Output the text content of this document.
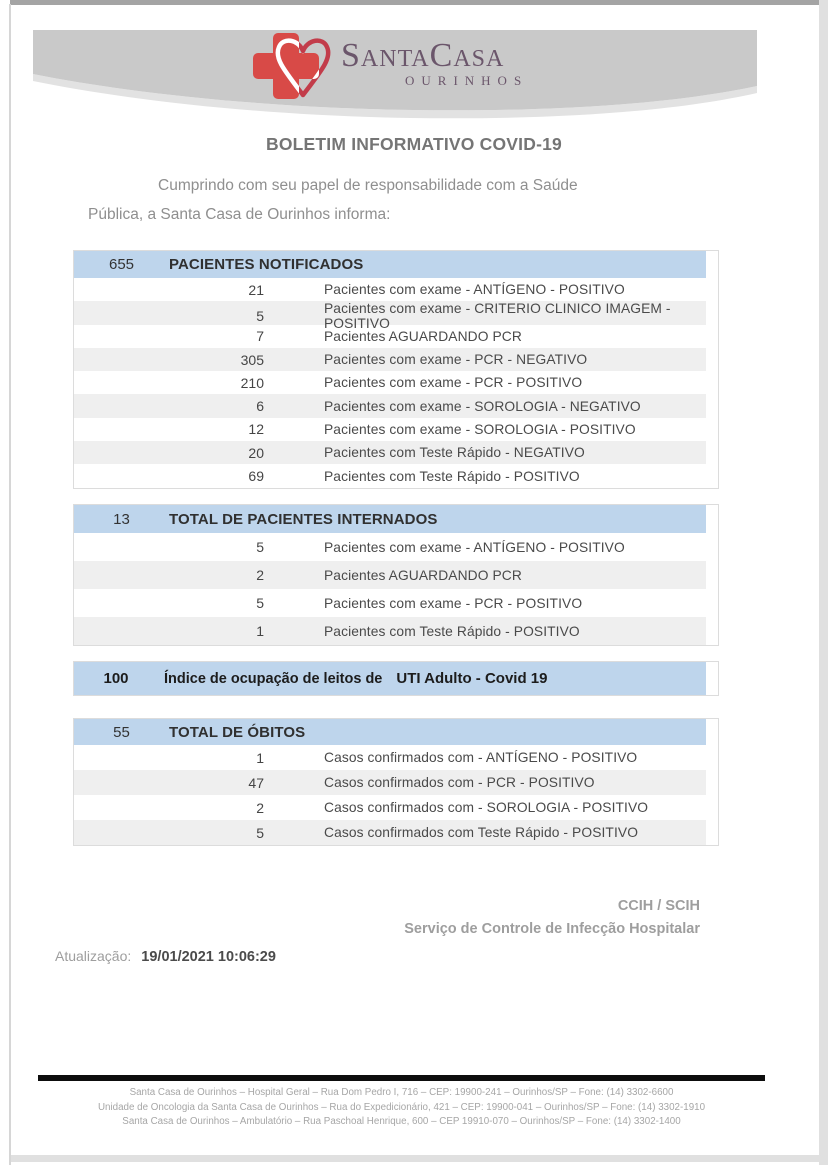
SantaCasa
OURINHOS
BOLETIM INFORMATIVO COVID-19
Cumprindo com seu papel de responsabilidade com a Saúde
Pública, a Santa Casa de Ourinhos informa:
655	PACIENTES NOTIFICADOS
21	Pacientes com exame - ANTÍGENO - POSITIVO
5	Pacientes com exame - CRITERIO CLINICO IMAGEM - POSITIVO
7	Pacientes AGUARDANDO PCR
305	Pacientes com exame - PCR - NEGATIVO
210	Pacientes com exame - PCR - POSITIVO
6	Pacientes com exame - SOROLOGIA - NEGATIVO
12	Pacientes com exame - SOROLOGIA - POSITIVO
20	Pacientes com Teste Rápido - NEGATIVO
69	Pacientes com Teste Rápido - POSITIVO
13	TOTAL DE PACIENTES INTERNADOS
5	Pacientes com exame - ANTÍGENO - POSITIVO
2	Pacientes AGUARDANDO PCR
5	Pacientes com exame - PCR - POSITIVO
1	Pacientes com Teste Rápido - POSITIVO
100	Índice de ocupação de leitos de UTI Adulto - Covid 19
55	TOTAL DE ÓBITOS
1	Casos confirmados com - ANTÍGENO - POSITIVO
47	Casos confirmados com - PCR - POSITIVO
2	Casos confirmados com - SOROLOGIA - POSITIVO
5	Casos confirmados com Teste Rápido - POSITIVO
CCIH / SCIH
Serviço de Controle de Infecção Hospitalar
Atualização: 19/01/2021 10:06:29
Santa Casa de Ourinhos – Hospital Geral – Rua Dom Pedro I, 716 – CEP: 19900-241 – Ourinhos/SP – Fone: (14) 3302-6600
Unidade de Oncologia da Santa Casa de Ourinhos – Rua do Expedicionário, 421 – CEP: 19900-041 – Ourinhos/SP – Fone: (14) 3302-1910
Santa Casa de Ourinhos – Ambulatório – Rua Paschoal Henrique, 600 – CEP 19910-070 – Ourinhos/SP – Fone: (14) 3302-1400
